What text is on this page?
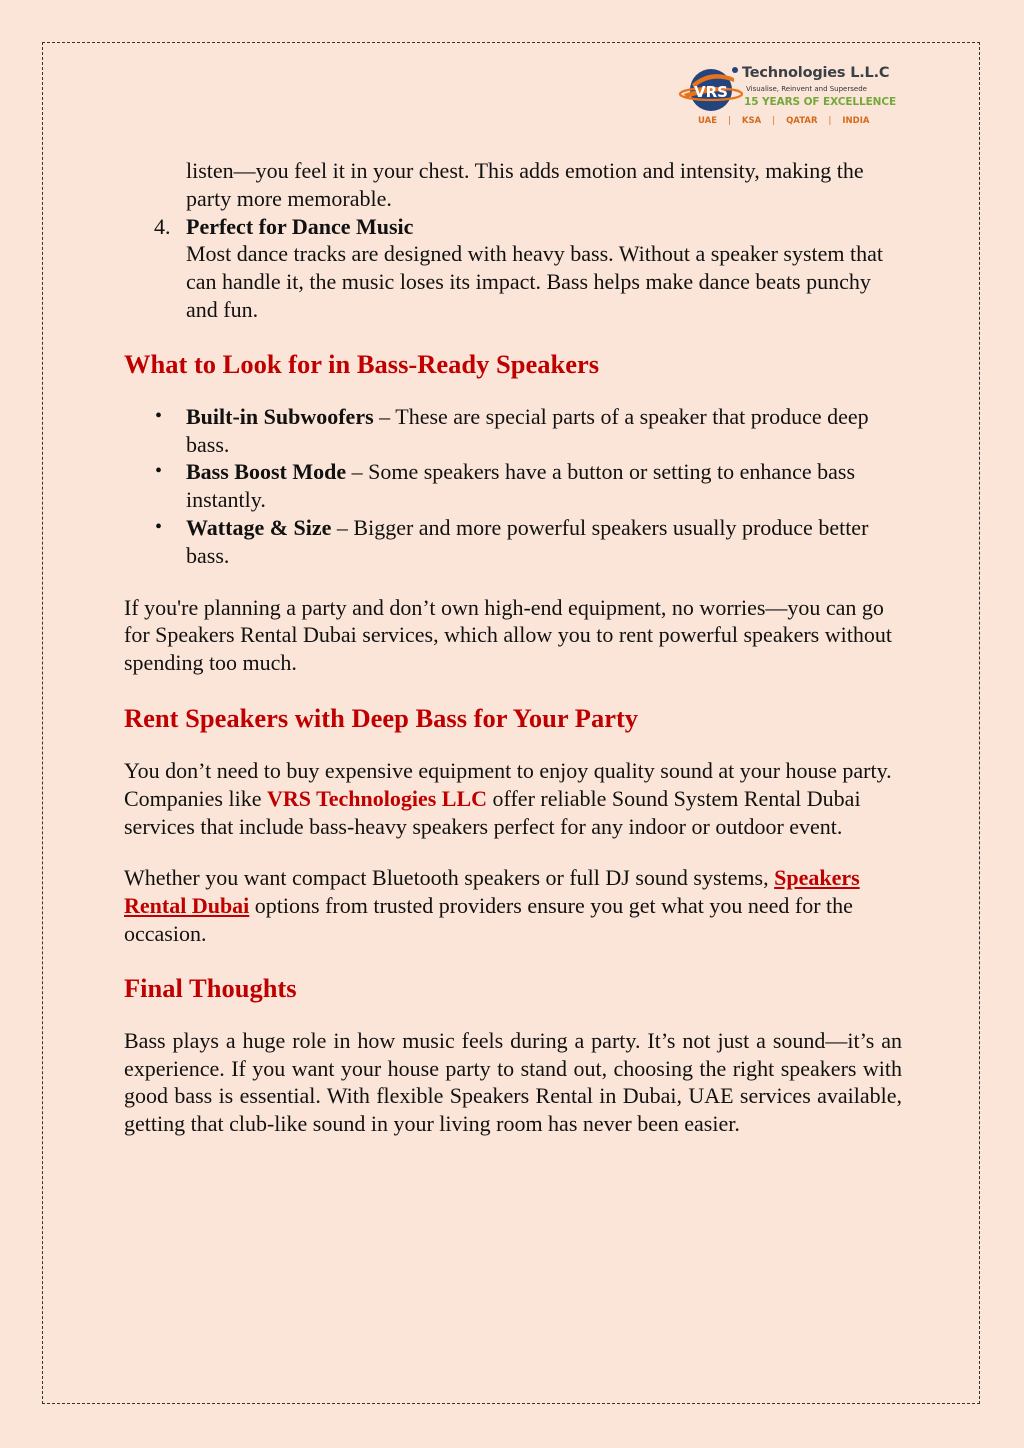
VRS
Technologies L.L.C
Visualise, Reinvent and Supersede
15 YEARS OF EXCELLENCE
UAE | KSA | QATAR | INDIA

listen—you feel it in your chest. This adds emotion and intensity, making the party more memorable.

4. Perfect for Dance Music
Most dance tracks are designed with heavy bass. Without a speaker system that can handle it, the music loses its impact. Bass helps make dance beats punchy and fun.
What to Look for in Bass-Ready Speakers
• Built-in Subwoofers – These are special parts of a speaker that produce deep bass.
• Bass Boost Mode – Some speakers have a button or setting to enhance bass instantly.
• Wattage & Size – Bigger and more powerful speakers usually produce better bass.

If you're planning a party and don’t own high-end equipment, no worries—you can go for Speakers Rental Dubai services, which allow you to rent powerful speakers without spending too much.

Rent Speakers with Deep Bass for Your Party

You don’t need to buy expensive equipment to enjoy quality sound at your house party. Companies like VRS Technologies LLC offer reliable Sound System Rental Dubai services that include bass-heavy speakers perfect for any indoor or outdoor event.

Whether you want compact Bluetooth speakers or full DJ sound systems, Speakers Rental Dubai options from trusted providers ensure you get what you need for the occasion.

Final Thoughts

Bass plays a huge role in how music feels during a party. It’s not just a sound—it’s an experience. If you want your house party to stand out, choosing the right speakers with good bass is essential. With flexible Speakers Rental in Dubai, UAE services available, getting that club-like sound in your living room has never been easier.
